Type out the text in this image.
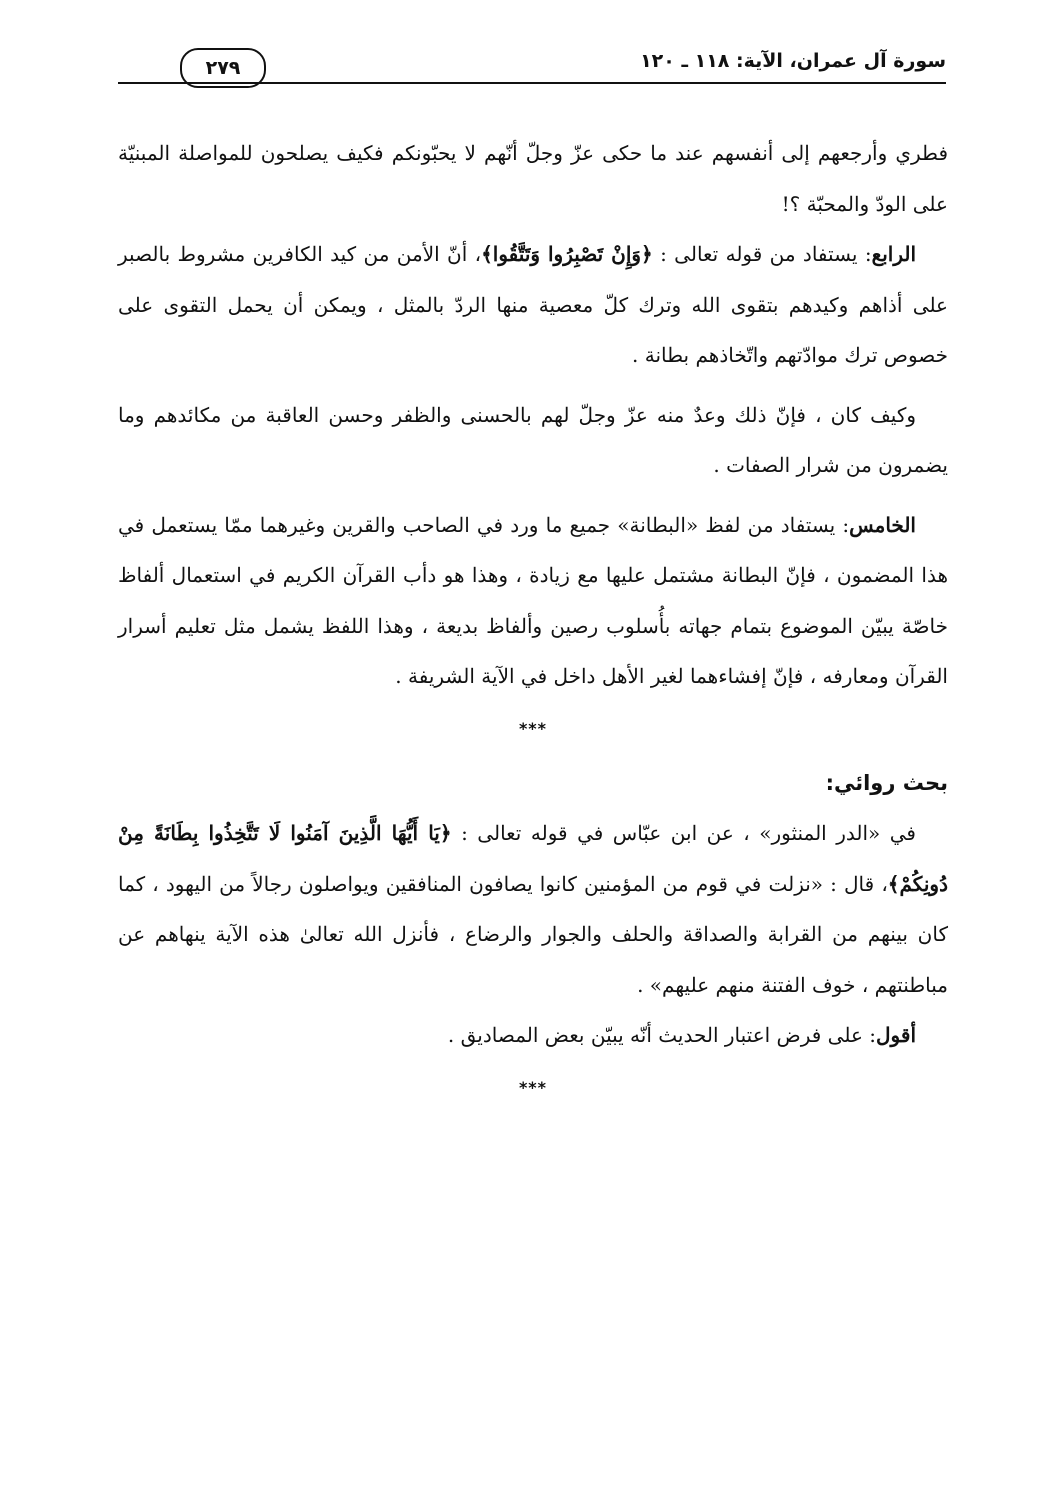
سورة آل عمران، الآية: ١١٨ ـ ١٢٠
٢٧٩

فطري وأرجعهم إلى أنفسهم عند ما حكى عزّ وجلّ أنّهم لا يحبّونكم فكيف يصلحون للمواصلة المبنيّة على الودّ والمحبّة ؟!

الرابع: يستفاد من قوله تعالى : ﴿وَإِنْ تَصْبِرُوا وَتَتَّقُوا﴾، أنّ الأمن من كيد الكافرين مشروط بالصبر على أذاهم وكيدهم بتقوى الله وترك كلّ معصية منها الردّ بالمثل ، ويمكن أن يحمل التقوى على خصوص ترك موادّتهم واتّخاذهم بطانة .

وكيف كان ، فإنّ ذلك وعدٌ منه عزّ وجلّ لهم بالحسنى والظفر وحسن العاقبة من مكائدهم وما يضمرون من شرار الصفات .

الخامس: يستفاد من لفظ «البطانة» جميع ما ورد في الصاحب والقرين وغيرهما ممّا يستعمل في هذا المضمون ، فإنّ البطانة مشتمل عليها مع زيادة ، وهذا هو دأب القرآن الكريم في استعمال ألفاظ خاصّة يبيّن الموضوع بتمام جهاته بأُسلوب رصين وألفاظ بديعة ، وهذا اللفظ يشمل مثل تعليم أسرار القرآن ومعارفه ، فإنّ إفشاءهما لغير الأهل داخل في الآية الشريفة .

***
بحث روائي:

في «الدر المنثور» ، عن ابن عبّاس في قوله تعالى : ﴿يَا أَيُّهَا الَّذِينَ آمَنُوا لَا تَتَّخِذُوا بِطَانَةً مِنْ دُونِكُمْ﴾، قال : «نزلت في قوم من المؤمنين كانوا يصافون المنافقين ويواصلون رجالاً من اليهود ، كما كان بينهم من القرابة والصداقة والحلف والجوار والرضاع ، فأنزل الله تعالىٰ هذه الآية ينهاهم عن مباطنتهم ، خوف الفتنة منهم عليهم» .

أقول: على فرض اعتبار الحديث أنّه يبيّن بعض المصاديق .

***
